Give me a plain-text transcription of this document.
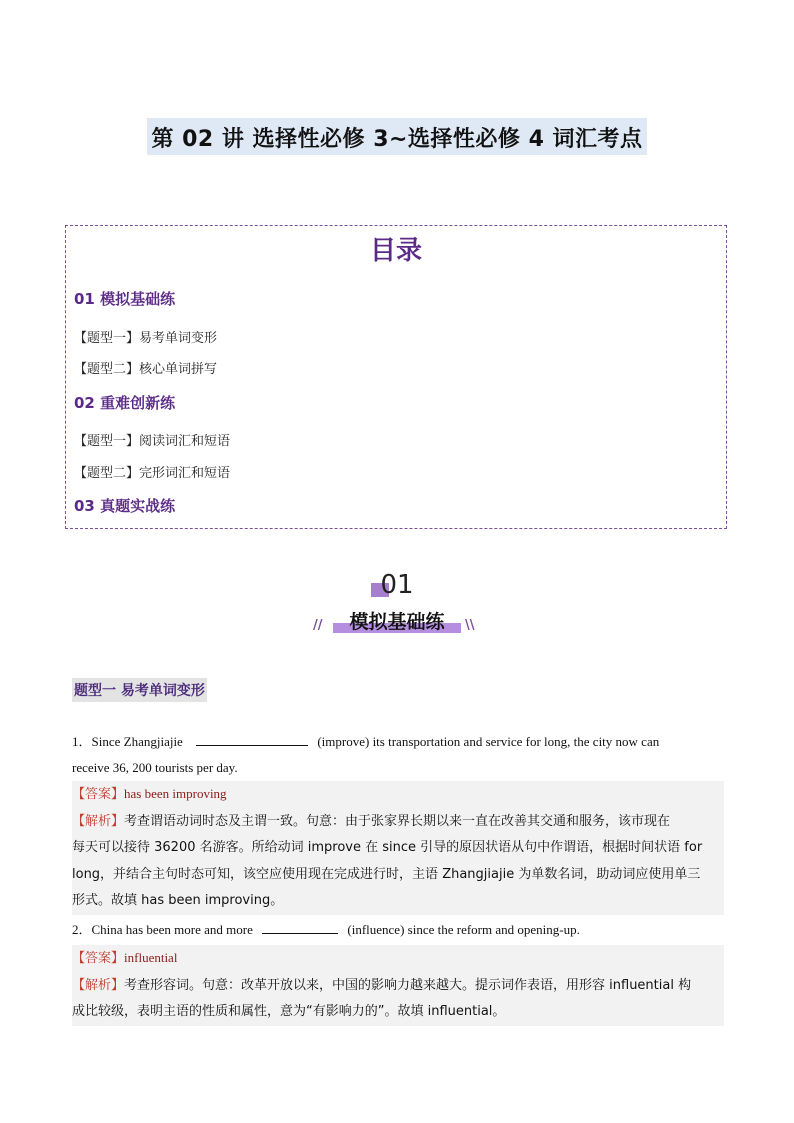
第 02 讲 选择性必修 3~选择性必修 4 词汇考点
目录
01 模拟基础练
【题型一】易考单词变形
【题型二】核心单词拼写
02 重难创新练
【题型一】阅读词汇和短语
【题型二】完形词汇和短语
03 真题实战练
01
模拟基础练
//	\\
题型一 易考单词变形
1．Since Zhangjiajie	(improve) its transportation and service for long, the city now can
receive 36, 200 tourists per day.
【答案】has been improving
【解析】考查谓语动词时态及主谓一致。句意：由于张家界长期以来一直在改善其交通和服务，该市现在
每天可以接待 36200 名游客。所给动词 improve 在 since 引导的原因状语从句中作谓语，根据时间状语 for
long，并结合主句时态可知，该空应使用现在完成进行时，主语 Zhangjiajie 为单数名词，助动词应使用单三
形式。故填 has been improving。
2．China has been more and more	(influence) since the reform and opening-up.
【答案】influential
【解析】考查形容词。句意：改革开放以来，中国的影响力越来越大。提示词作表语，用形容 influential 构
成比较级，表明主语的性质和属性，意为“有影响力的”。故填 influential。
